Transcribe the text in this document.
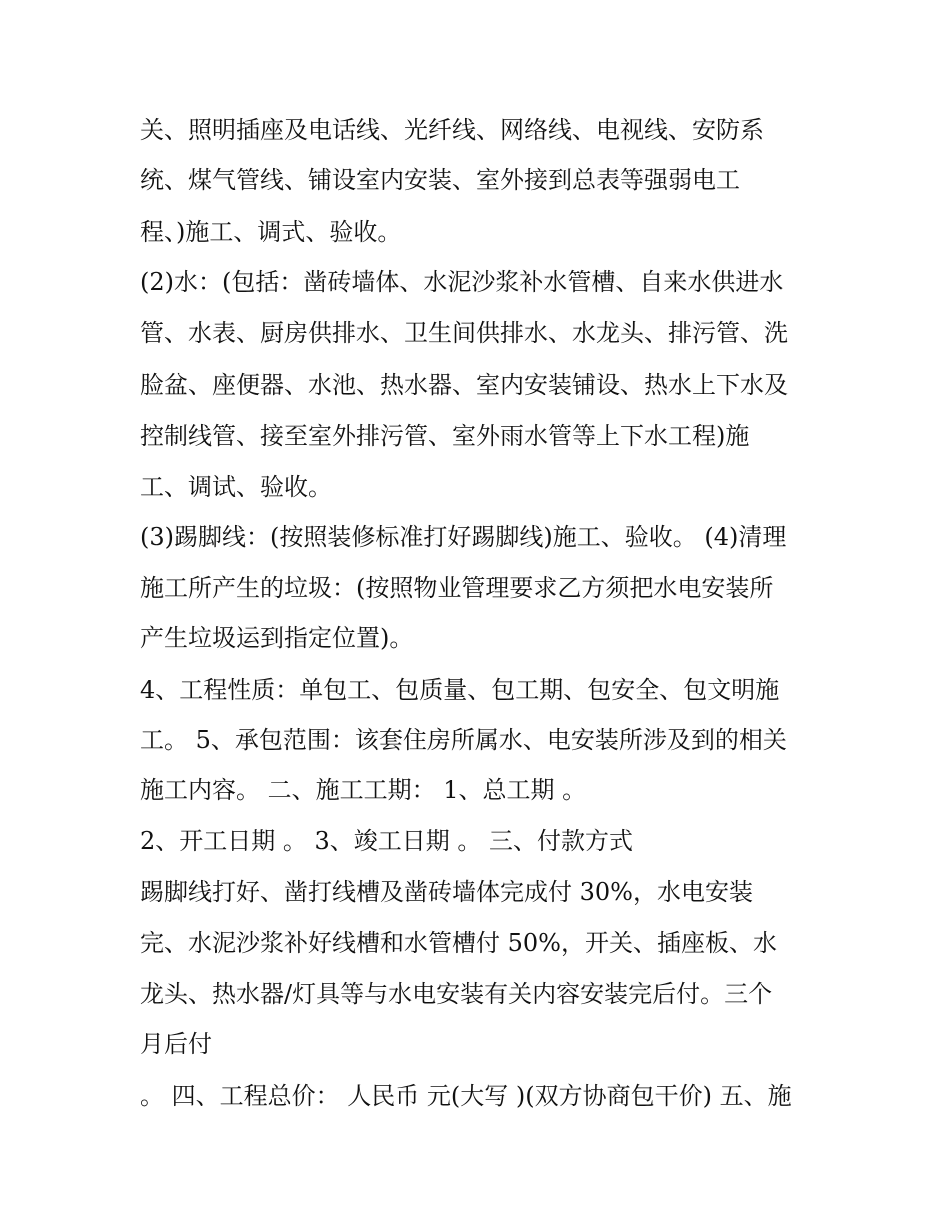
关、照明插座及电话线、光纤线、网络线、电视线、安防系
统、煤气管线、铺设室内安装、室外接到总表等强弱电工
程、)施工、调式、验收。
(2)水：(包括：凿砖墙体、水泥沙浆补水管槽、自来水供进水
管、水表、厨房供排水、卫生间供排水、水龙头、排污管、洗
脸盆、座便器、水池、热水器、室内安装铺设、热水上下水及
控制线管、接至室外排污管、室外雨水管等上下水工程)施
工、调试、验收。
(3)踢脚线：(按照装修标准打好踢脚线)施工、验收。 (4)清理
施工所产生的垃圾：(按照物业管理要求乙方须把水电安装所
产生垃圾运到指定位置)。
4、工程性质：单包工、包质量、包工期、包安全、包文明施
工。 5、承包范围：该套住房所属水、电安装所涉及到的相关
施工内容。 二、施工工期： 1、总工期 。
2、开工日期 。 3、竣工日期 。 三、付款方式
踢脚线打好、凿打线槽及凿砖墙体完成付 30%，水电安装
完、水泥沙浆补好线槽和水管槽付 50%，开关、插座板、水
龙头、热水器/灯具等与水电安装有关内容安装完后付。三个
月后付
。 四、工程总价： 人民币 元(大写 )(双方协商包干价) 五、施
